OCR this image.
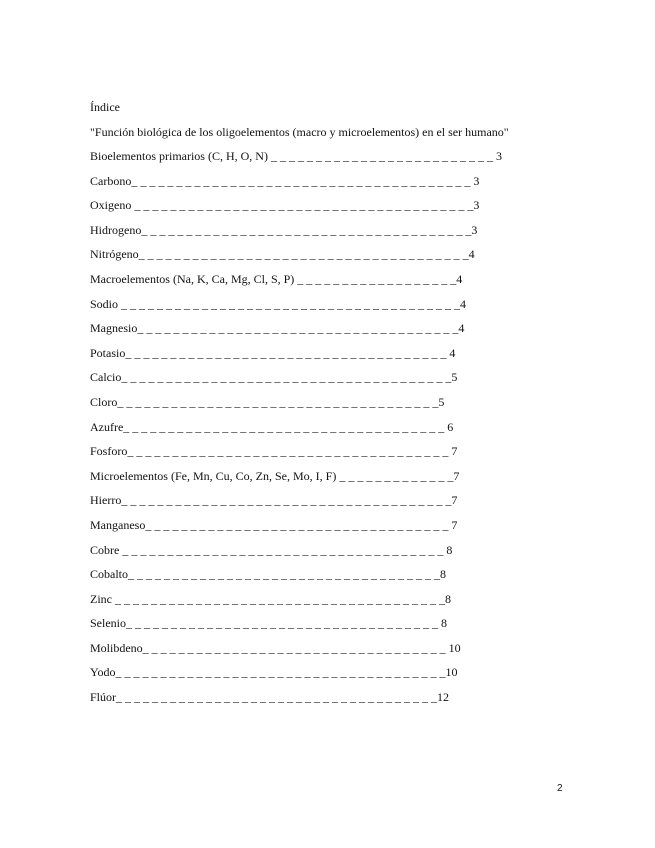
Índice
"Función biológica de los oligoelementos (macro y microelementos) en el ser humano"
Bioelementos primarios (C, H, O, N) _ _ _ _ _ _ _ _ _ _ _ _ _ _ _ _ _ _ _ _ _ _ _ _ _ 3
Carbono_ _ _ _ _ _ _ _ _ _ _ _ _ _ _ _ _ _ _ _ _ _ _ _ _ _ _ _ _ _ _ _ _ _ _ _ _ _ 3
Oxigeno _ _ _ _ _ _ _ _ _ _ _ _ _ _ _ _ _ _ _ _ _ _ _ _ _ _ _ _ _ _ _ _ _ _ _ _ _ _3
Hidrogeno_ _ _ _ _ _ _ _ _ _ _ _ _ _ _ _ _ _ _ _ _ _ _ _ _ _ _ _ _ _ _ _ _ _ _ _ _3
Nitrógeno_ _ _ _ _ _ _ _ _ _ _ _ _ _ _ _ _ _ _ _ _ _ _ _ _ _ _ _ _ _ _ _ _ _ _ _ _4
Macroelementos (Na, K, Ca, Mg, Cl, S, P) _ _ _ _ _ _ _ _ _ _ _ _ _ _ _ _ _ _4
Sodio _ _ _ _ _ _ _ _ _ _ _ _ _ _ _ _ _ _ _ _ _ _ _ _ _ _ _ _ _ _ _ _ _ _ _ _ _ _4
Magnesio_ _ _ _ _ _ _ _ _ _ _ _ _ _ _ _ _ _ _ _ _ _ _ _ _ _ _ _ _ _ _ _ _ _ _ _4
Potasio_ _ _ _ _ _ _ _ _ _ _ _ _ _ _ _ _ _ _ _ _ _ _ _ _ _ _ _ _ _ _ _ _ _ _ _ 4
Calcio_ _ _ _ _ _ _ _ _ _ _ _ _ _ _ _ _ _ _ _ _ _ _ _ _ _ _ _ _ _ _ _ _ _ _ _ _5
Cloro_ _ _ _ _ _ _ _ _ _ _ _ _ _ _ _ _ _ _ _ _ _ _ _ _ _ _ _ _ _ _ _ _ _ _ _5
Azufre_ _ _ _ _ _ _ _ _ _ _ _ _ _ _ _ _ _ _ _ _ _ _ _ _ _ _ _ _ _ _ _ _ _ _ _ 6
Fosforo_ _ _ _ _ _ _ _ _ _ _ _ _ _ _ _ _ _ _ _ _ _ _ _ _ _ _ _ _ _ _ _ _ _ _ _ 7
Microelementos (Fe, Mn, Cu, Co, Zn, Se, Mo, I, F) _ _ _ _ _ _ _ _ _ _ _ _ _7
Hierro_ _ _ _ _ _ _ _ _ _ _ _ _ _ _ _ _ _ _ _ _ _ _ _ _ _ _ _ _ _ _ _ _ _ _ _ _7
Manganeso_ _ _ _ _ _ _ _ _ _ _ _ _ _ _ _ _ _ _ _ _ _ _ _ _ _ _ _ _ _ _ _ _ _ 7
Cobre _ _ _ _ _ _ _ _ _ _ _ _ _ _ _ _ _ _ _ _ _ _ _ _ _ _ _ _ _ _ _ _ _ _ _ _ 8
Cobalto_ _ _ _ _ _ _ _ _ _ _ _ _ _ _ _ _ _ _ _ _ _ _ _ _ _ _ _ _ _ _ _ _ _ _8
Zinc _ _ _ _ _ _ _ _ _ _ _ _ _ _ _ _ _ _ _ _ _ _ _ _ _ _ _ _ _ _ _ _ _ _ _ _ _8
Selenio_ _ _ _ _ _ _ _ _ _ _ _ _ _ _ _ _ _ _ _ _ _ _ _ _ _ _ _ _ _ _ _ _ _ _ 8
Molibdeno_ _ _ _ _ _ _ _ _ _ _ _ _ _ _ _ _ _ _ _ _ _ _ _ _ _ _ _ _ _ _ _ _ _ 10
Yodo_ _ _ _ _ _ _ _ _ _ _ _ _ _ _ _ _ _ _ _ _ _ _ _ _ _ _ _ _ _ _ _ _ _ _ _ _10
Flúor_ _ _ _ _ _ _ _ _ _ _ _ _ _ _ _ _ _ _ _ _ _ _ _ _ _ _ _ _ _ _ _ _ _ _ _12
2
